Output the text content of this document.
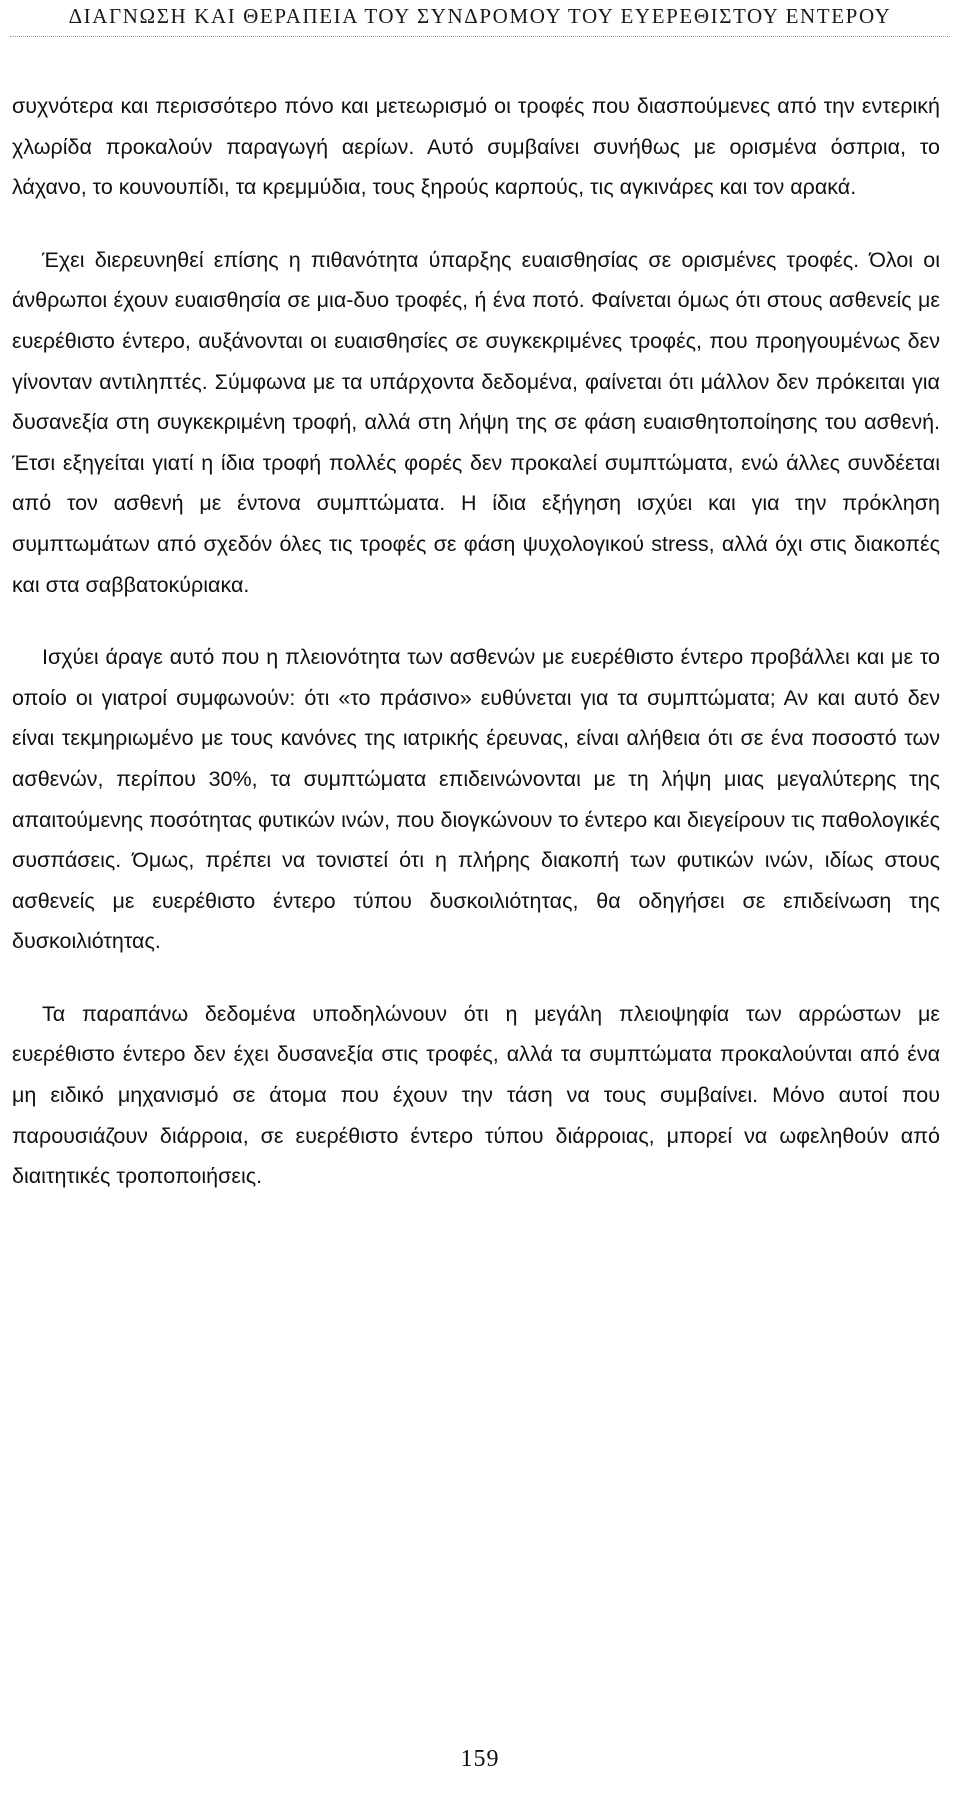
ΔΙΑΓΝΩΣΗ ΚΑΙ ΘΕΡΑΠΕΙΑ ΤΟΥ ΣΥΝΔΡΟΜΟΥ ΤΟΥ ΕΥΕΡΕΘΙΣΤΟΥ ΕΝΤΕΡΟΥ

συχνότερα και περισσότερο πόνο και μετεωρισμό οι τροφές που διασπούμενες από την εντερική χλωρίδα προκαλούν παραγωγή αερίων. Αυτό συμβαίνει συνήθως με ορισμένα όσπρια, το λάχανο, το κουνουπίδι, τα κρεμμύδια, τους ξηρούς καρπούς, τις αγκινάρες και τον αρακά.

Έχει διερευνηθεί επίσης η πιθανότητα ύπαρξης ευαισθησίας σε ορισμένες τροφές. Όλοι οι άνθρωποι έχουν ευαισθησία σε μια-δυο τροφές, ή ένα ποτό. Φαίνεται όμως ότι στους ασθενείς με ευερέθιστο έντερο, αυξάνονται οι ευαισθησίες σε συγκεκριμένες τροφές, που προηγουμένως δεν γίνονταν αντιληπτές. Σύμφωνα με τα υπάρχοντα δεδομένα, φαίνεται ότι μάλλον δεν πρόκειται για δυσανεξία στη συγκεκριμένη τροφή, αλλά στη λήψη της σε φάση ευαισθητοποίησης του ασθενή. Έτσι εξηγείται γιατί η ίδια τροφή πολλές φορές δεν προκαλεί συμπτώματα, ενώ άλλες συνδέεται από τον ασθενή με έντονα συμπτώματα. Η ίδια εξήγηση ισχύει και για την πρόκληση συμπτωμάτων από σχεδόν όλες τις τροφές σε φάση ψυχολογικού stress, αλλά όχι στις διακοπές και στα σαββατοκύριακα.

Ισχύει άραγε αυτό που η πλειονότητα των ασθενών με ευερέθιστο έντερο προβάλλει και με το οποίο οι γιατροί συμφωνούν: ότι «το πράσινο» ευθύνεται για τα συμπτώματα; Αν και αυτό δεν είναι τεκμηριωμένο με τους κανόνες της ιατρικής έρευνας, είναι αλήθεια ότι σε ένα ποσοστό των ασθενών, περίπου 30%, τα συμπτώματα επιδεινώνονται με τη λήψη μιας μεγαλύτερης της απαιτούμενης ποσότητας φυτικών ινών, που διογκώνουν το έντερο και διεγείρουν τις παθολογικές συσπάσεις. Όμως, πρέπει να τονιστεί ότι η πλήρης διακοπή των φυτικών ινών, ιδίως στους ασθενείς με ευερέθιστο έντερο τύπου δυσκοιλιότητας, θα οδηγήσει σε επιδείνωση της δυσκοιλιότητας.

Τα παραπάνω δεδομένα υποδηλώνουν ότι η μεγάλη πλειοψηφία των αρρώστων με ευερέθιστο έντερο δεν έχει δυσανεξία στις τροφές, αλλά τα συμπτώματα προκαλούνται από ένα μη ειδικό μηχανισμό σε άτομα που έχουν την τάση να τους συμβαίνει. Μόνο αυτοί που παρουσιάζουν διάρροια, σε ευερέθιστο έντερο τύπου διάρροιας, μπορεί να ωφεληθούν από διαιτητικές τροποποιήσεις.

159
